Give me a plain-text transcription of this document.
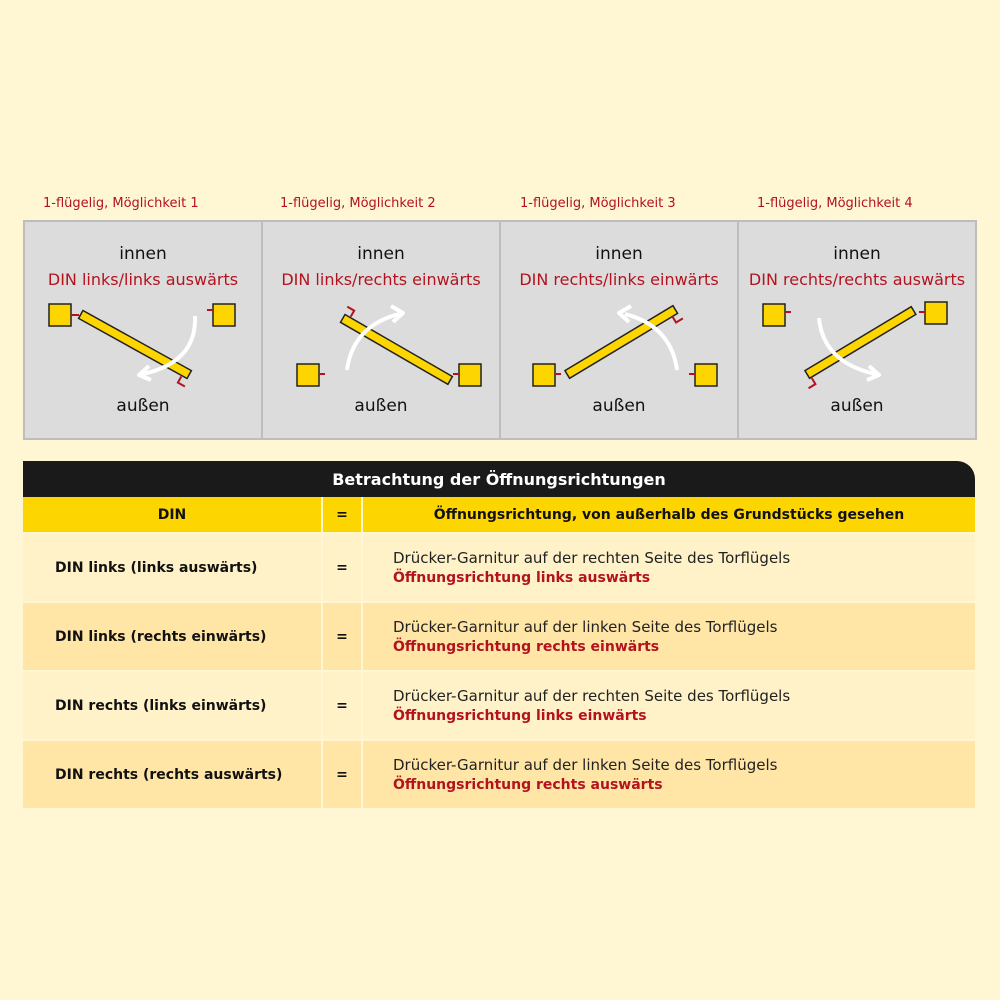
1-flügelig, Möglichkeit 1	1-flügelig, Möglichkeit 2	1-flügelig, Möglichkeit 3	1-flügelig, Möglichkeit 4
innen
DIN links/links auswärts
außen
innen
DIN links/rechts einwärts
außen
innen
DIN rechts/links einwärts
außen
innen
DIN rechts/rechts auswärts
außen
Betrachtung der Öffnungsrichtungen
DIN	=	Öffnungsrichtung, von außerhalb des Grundstücks gesehen
DIN links (links auswärts)	=
Drücker-Garnitur auf der rechten Seite des Torflügels
Öffnungsrichtung links auswärts
DIN links (rechts einwärts)	=
Drücker-Garnitur auf der linken Seite des Torflügels
Öffnungsrichtung rechts einwärts
DIN rechts (links einwärts)	=
Drücker-Garnitur auf der rechten Seite des Torflügels
Öffnungsrichtung links einwärts
DIN rechts (rechts auswärts)	=
Drücker-Garnitur auf der linken Seite des Torflügels
Öffnungsrichtung rechts auswärts
